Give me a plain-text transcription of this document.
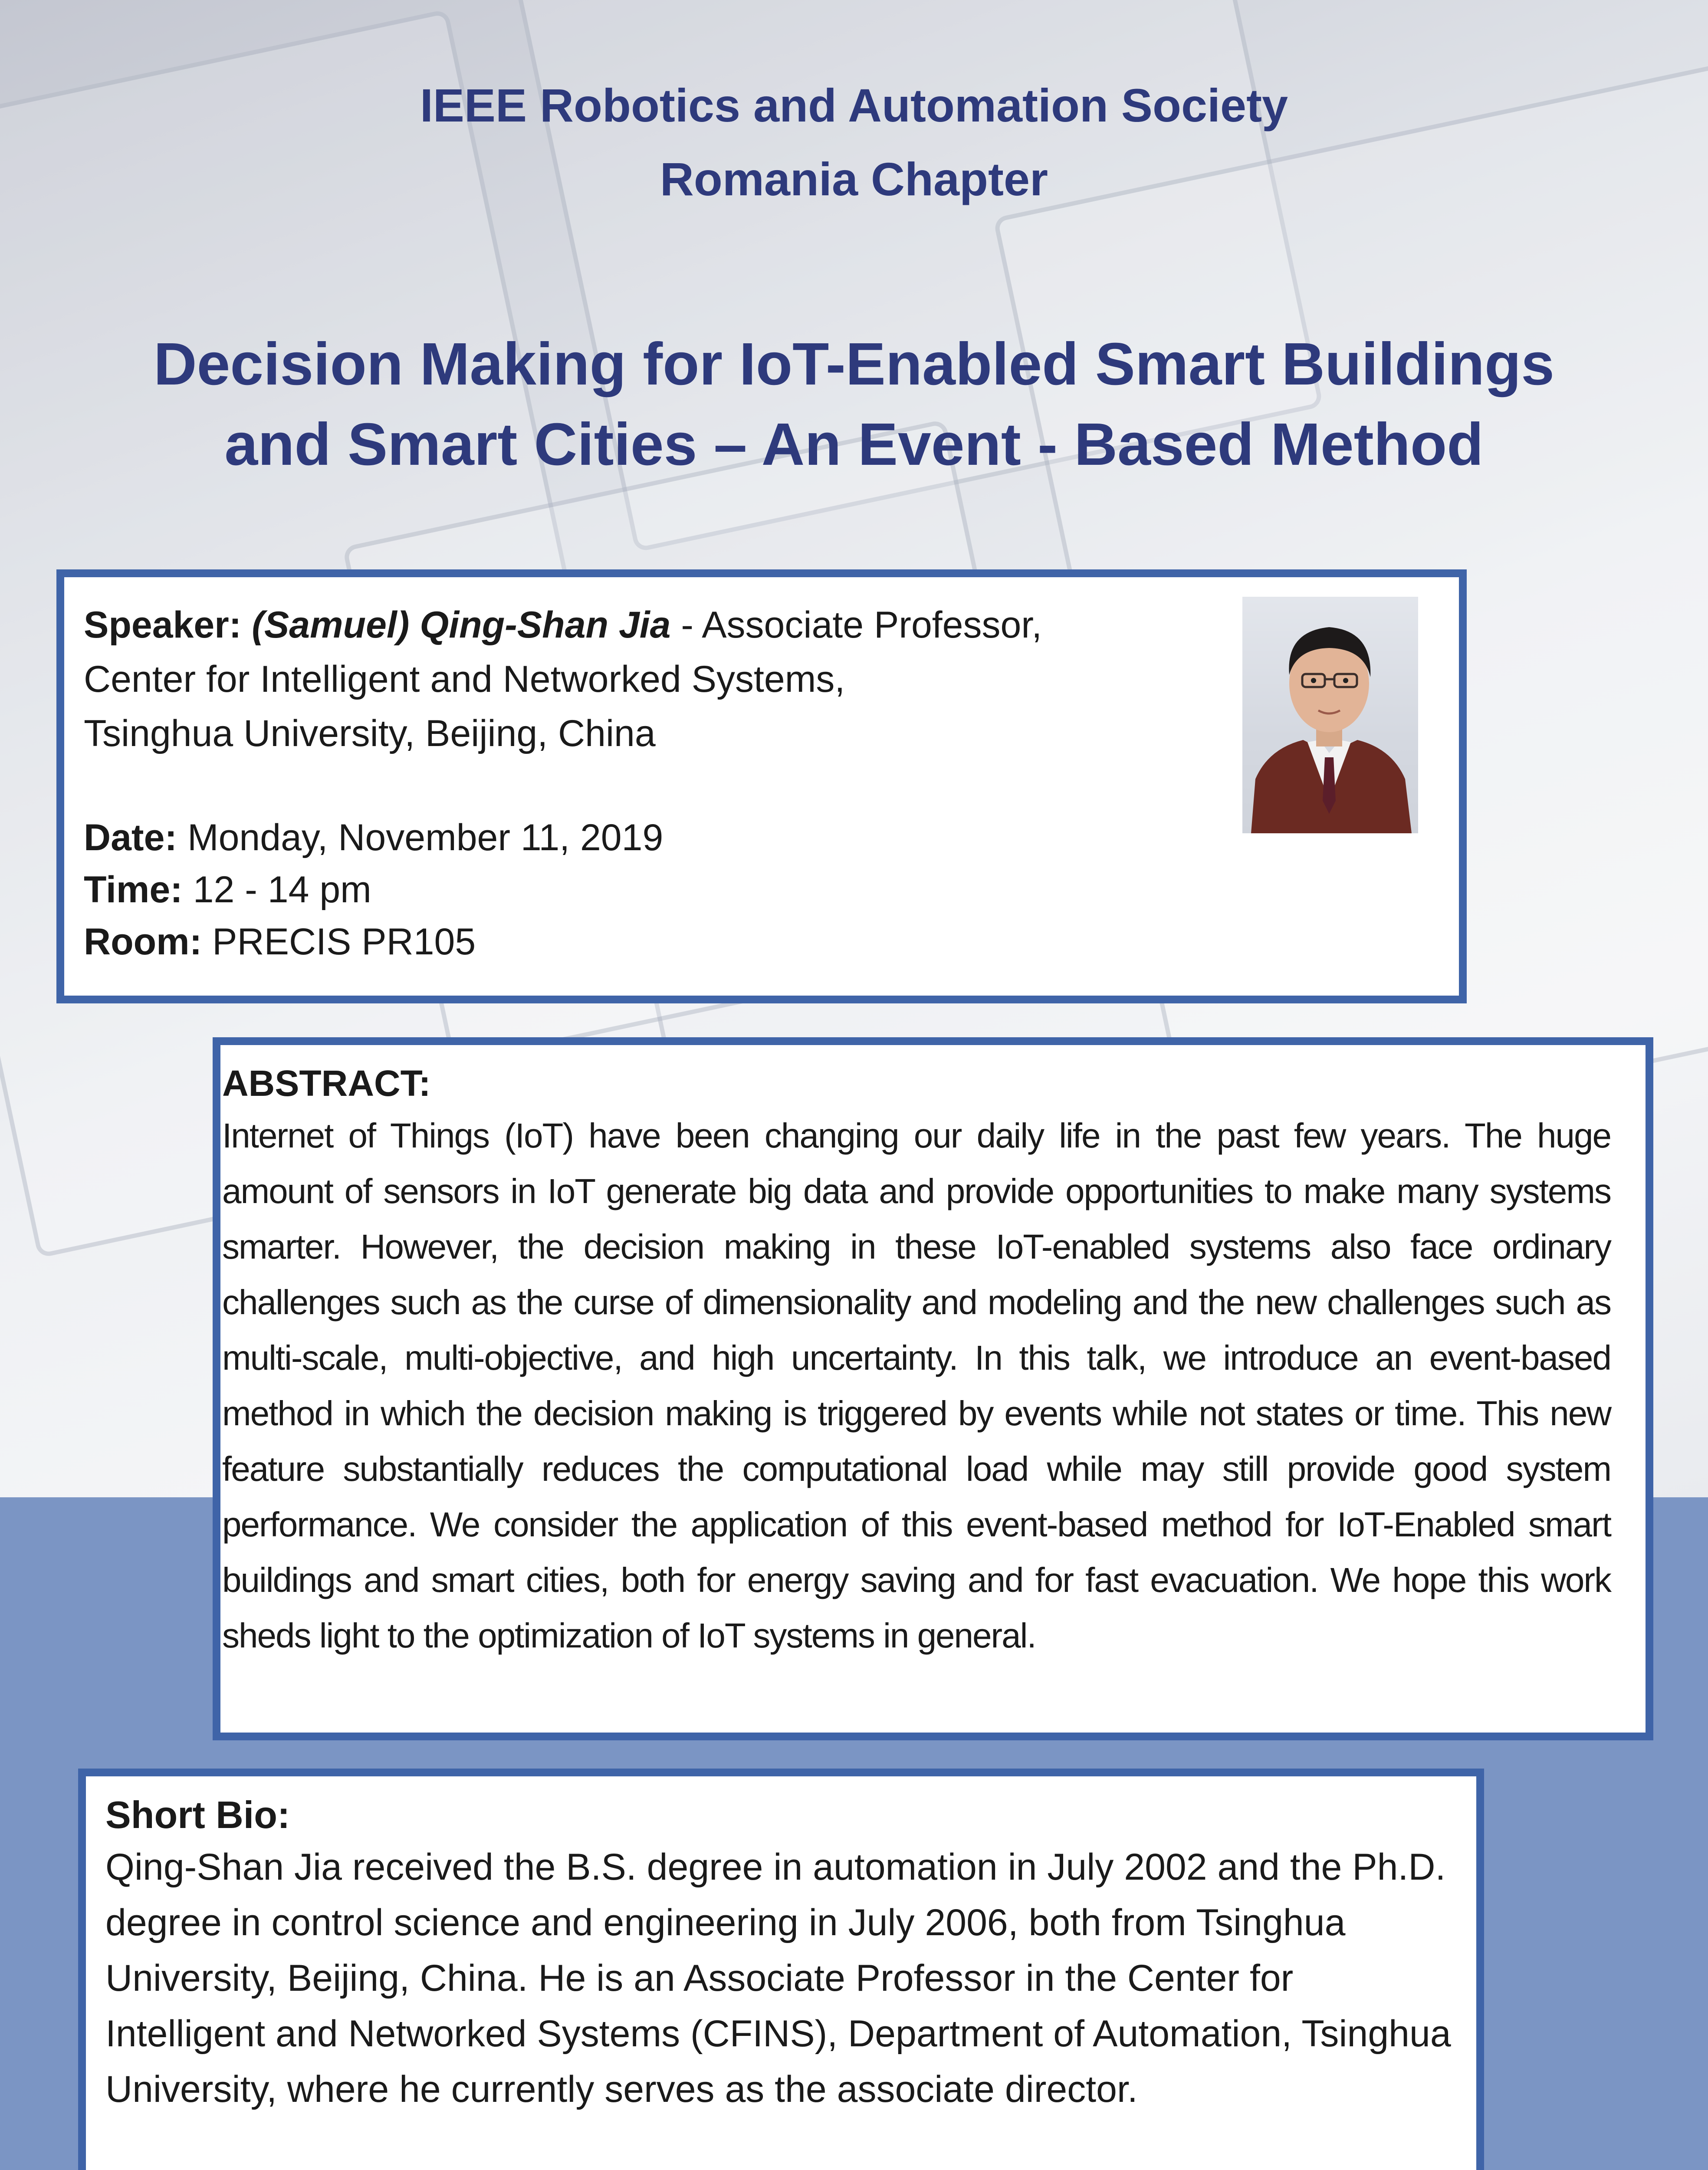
IEEE Robotics and Automation Society
Romania Chapter
Decision Making for IoT-Enabled Smart Buildings
and Smart Cities – An Event - Based Method
Speaker: (Samuel) Qing-Shan Jia - Associate Professor,
Center for Intelligent and Networked Systems,
Tsinghua University, Beijing, China
Date: Monday, November 11, 2019
Time: 12 - 14 pm
Room: PRECIS PR105
ABSTRACT:
Internet of Things (IoT) have been changing our daily life in the past few years. The huge amount of sensors in IoT generate big data and provide opportunities to make many systems smarter. However, the decision making in these IoT-enabled systems also face ordinary challenges such as the curse of dimensionality and modeling and the new challenges such as multi-scale, multi-objective, and high uncertainty. In this talk, we introduce an event-based method in which the decision making is triggered by events while not states or time. This new feature substantially reduces the computational load while may still provide good system performance. We consider the application of this event-based method for IoT-Enabled smart buildings and smart cities, both for energy saving and for fast evacuation. We hope this work sheds light to the optimization of IoT systems in general.
Short Bio:
Qing-Shan Jia received the B.S. degree in automation in July 2002 and the Ph.D. degree in control science and engineering in July 2006, both from Tsinghua University, Beijing, China. He is an Associate Professor in the Center for Intelligent and Networked Systems (CFINS), Department of Automation, Tsinghua University, where he currently serves as the associate director.
